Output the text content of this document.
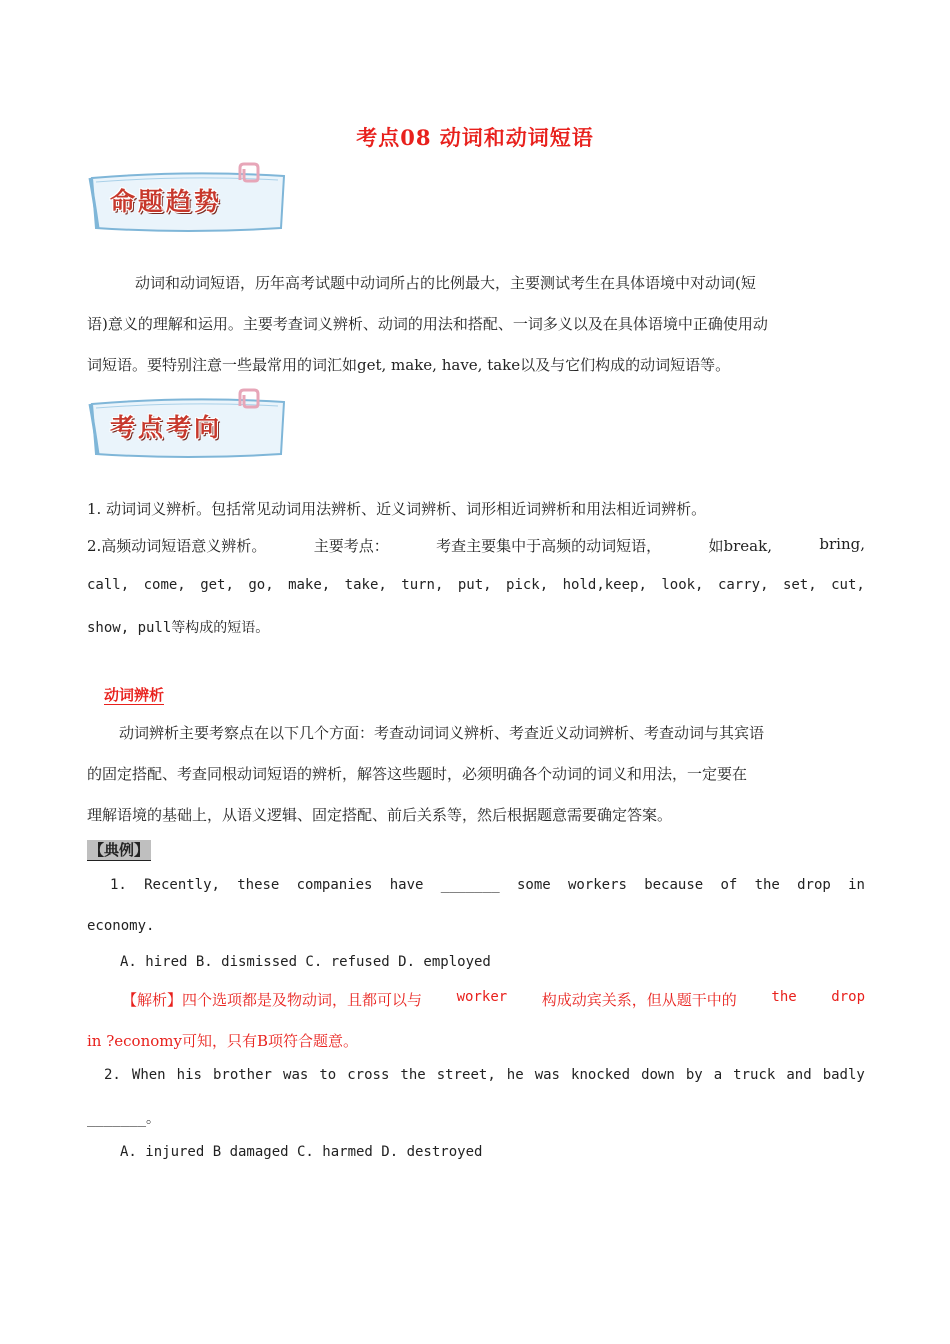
考点08 动词和动词短语
命题趋势
动词和动词短语，历年高考试题中动词所占的比例最大，主要测试考生在具体语境中对动词(短
语)意义的理解和运用。主要考查词义辨析、动词的用法和搭配、一词多义以及在具体语境中正确使用动
词短语。要特别注意一些最常用的词汇如get, make, have, take以及与它们构成的动词短语等。
考点考向
1. 动词词义辨析。包括常见动词用法辨析、近义词辨析、词形相近词辨析和用法相近词辨析。
2.高频动词短语意义辨析。	主要考点：	考查主要集中于高频的动词短语，	如break,	bring,
call, come, get, go, make, take, turn, put, pick, hold,keep, look, carry, set, cut,
show, pull等构成的短语。
动词辨析
动词辨析主要考察点在以下几个方面：考查动词词义辨析、考查近义动词辨析、考查动词与其宾语
的固定搭配、考查同根动词短语的辨析，解答这些题时，必须明确各个动词的词义和用法，一定要在
理解语境的基础上，从语义逻辑、固定搭配、前后关系等，然后根据题意需要确定答案。
【典例】
1. Recently, these companies have _______ some workers because of the drop in
economy.
A. hired B. dismissed C. refused D. employed
【解析】四个选项都是及物动词，且都可以与 worker 构成动宾关系，但从题干中的 the drop
in ?economy可知，只有B项符合题意。
2. When his brother was to cross the street, he was knocked down by a truck and badly
_______。
A. injured B damaged C. harmed D. destroyed
